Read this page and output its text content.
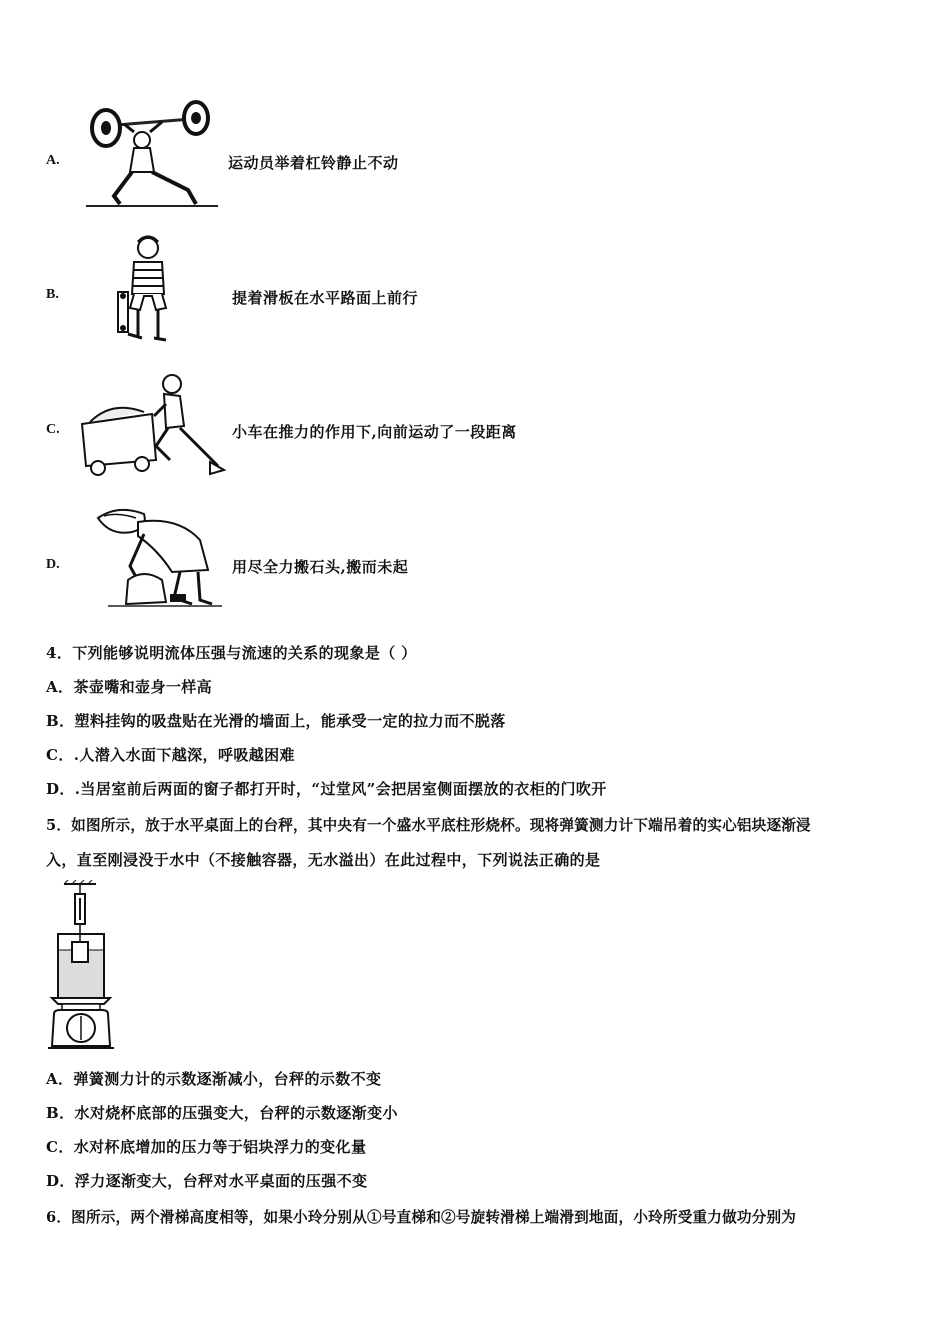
A.	运动员举着杠铃静止不动
B.	提着滑板在水平路面上前行
C.	小车在推力的作用下,向前运动了一段距离
D.	用尽全力搬石头,搬而未起
4．下列能够说明流体压强与流速的关系的现象是（ ）
A．茶壶嘴和壶身一样高
B．塑料挂钩的吸盘贴在光滑的墙面上，能承受一定的拉力而不脱落
C．.人潜入水面下越深，呼吸越困难
D．.当居室前后两面的窗子都打开时，“过堂风”会把居室侧面摆放的衣柜的门吹开
5．如图所示，放于水平桌面上的台秤，其中央有一个盛水平底柱形烧杯。现将弹簧测力计下端吊着的实心铝块逐渐浸
入，直至刚浸没于水中（不接触容器，无水溢出）在此过程中，下列说法正确的是
A．弹簧测力计的示数逐渐减小，台秤的示数不变
B．水对烧杯底部的压强变大，台秤的示数逐渐变小
C．水对杯底增加的压力等于铝块浮力的变化量
D．浮力逐渐变大，台秤对水平桌面的压强不变
6．图所示，两个滑梯高度相等，如果小玲分别从①号直梯和②号旋转滑梯上端滑到地面，小玲所受重力做功分别为
